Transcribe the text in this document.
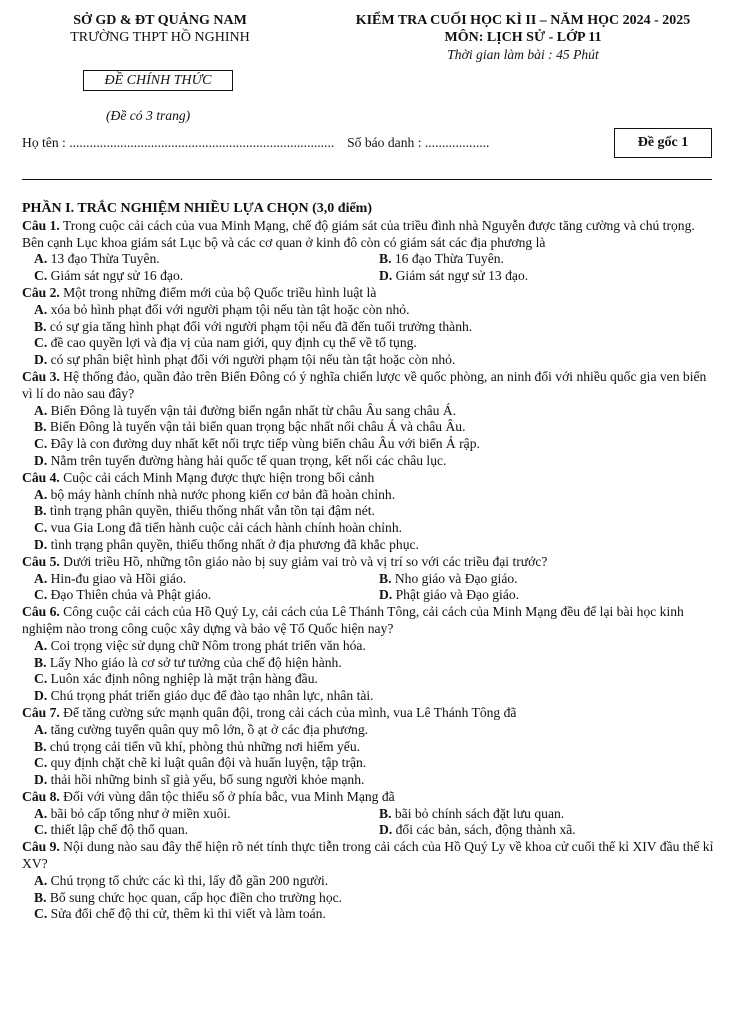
SỞ GD & ĐT QUẢNG NAM
TRƯỜNG THPT HỒ NGHINH
KIỂM TRA CUỐI HỌC KÌ II – NĂM HỌC 2024 - 2025
MÔN: LỊCH SỬ - LỚP 11
Thời gian làm bài : 45 Phút
ĐỀ CHÍNH THỨC
(Đề có 3 trang)
Họ tên : .............................................................................. Số báo danh : ...................	Đề gốc 1
PHẦN I. TRẮC NGHIỆM NHIỀU LỰA CHỌN (3,0 điểm)
Câu 1. Trong cuộc cải cách của vua Minh Mạng, chế độ giám sát của triều đình nhà Nguyễn được tăng cường và chú trọng. Bên cạnh Lục khoa giám sát Lục bộ và các cơ quan ở kinh đô còn có giám sát các địa phương là
A. 13 đạo Thừa Tuyên.	B. 16 đạo Thừa Tuyên.
C. Giám sát ngự sử 16 đạo.	D. Giám sát ngự sử 13 đạo.
Câu 2. Một trong những điểm mới của bộ Quốc triều hình luật là
A. xóa bỏ hình phạt đối với người phạm tội nếu tàn tật hoặc còn nhỏ.
B. có sự gia tăng hình phạt đối với người phạm tội nếu đã đến tuổi trưởng thành.
C. đề cao quyền lợi và địa vị của nam giới, quy định cụ thể về tố tụng.
D. có sự phân biệt hình phạt đối với người phạm tội nếu tàn tật hoặc còn nhỏ.
Câu 3. Hệ thống đảo, quần đảo trên Biển Đông có ý nghĩa chiến lược về quốc phòng, an ninh đối với nhiều quốc gia ven biển vì lí do nào sau đây?
A. Biển Đông là tuyến vận tải đường biển ngắn nhất từ châu Âu sang châu Á.
B. Biển Đông là tuyến vận tải biển quan trọng bậc nhất nối châu Á và châu Âu.
C. Đây là con đường duy nhất kết nối trực tiếp vùng biển châu Âu với biển Ả rập.
D. Nằm trên tuyến đường hàng hải quốc tế quan trọng, kết nối các châu lục.
Câu 4. Cuộc cải cách Minh Mạng được thực hiện trong bối cảnh
A. bộ máy hành chính nhà nước phong kiến cơ bản đã hoàn chỉnh.
B. tình trạng phân quyền, thiếu thống nhất vẫn tồn tại đậm nét.
C. vua Gia Long đã tiến hành cuộc cải cách hành chính hoàn chỉnh.
D. tình trạng phân quyền, thiếu thống nhất ở địa phương đã khắc phục.
Câu 5. Dưới triều Hồ, những tôn giáo nào bị suy giảm vai trò và vị trí so với các triều đại trước?
A. Hin-đu giao và Hồi giáo.	B. Nho giáo và Đạo giáo.
C. Đạo Thiên chúa và Phật giáo.	D. Phật giáo và Đạo giáo.
Câu 6. Công cuộc cải cách của Hồ Quý Ly, cải cách của Lê Thánh Tông, cải cách của Minh Mạng đều để lại bài học kinh nghiệm nào trong công cuộc xây dựng và bảo vệ Tổ Quốc hiện nay?
A. Coi trọng việc sử dụng chữ Nôm trong phát triển văn hóa.
B. Lấy Nho giáo là cơ sở tư tưởng của chế độ hiện hành.
C. Luôn xác định nông nghiệp là mặt trận hàng đầu.
D. Chú trọng phát triển giáo dục để đào tạo nhân lực, nhân tài.
Câu 7. Để tăng cường sức mạnh quân đội, trong cải cách của mình, vua Lê Thánh Tông đã
A. tăng cường tuyển quân quy mô lớn, ồ ạt ở các địa phương.
B. chú trọng cải tiến vũ khí, phòng thủ những nơi hiểm yếu.
C. quy định chặt chẽ kỉ luật quân đội và huấn luyện, tập trận.
D. thải hồi những binh sĩ già yếu, bổ sung người khỏe mạnh.
Câu 8. Đối với vùng dân tộc thiểu số ở phía bắc, vua Minh Mạng đã
A. bãi bỏ cấp tổng như ở miền xuôi.	B. bãi bỏ chính sách đặt lưu quan.
C. thiết lập chế độ thổ quan.	D. đổi các bản, sách, động thành xã.
Câu 9. Nội dung nào sau đây thể hiện rõ nét tính thực tiễn trong cải cách của Hồ Quý Ly về khoa cử cuối thế kỉ XIV đầu thế kỉ XV?
A. Chú trọng tổ chức các kì thi, lấy đỗ gần 200 người.
B. Bổ sung chức học quan, cấp học điền cho trường học.
C. Sửa đổi chế độ thi cử, thêm kì thi viết và làm toán.
